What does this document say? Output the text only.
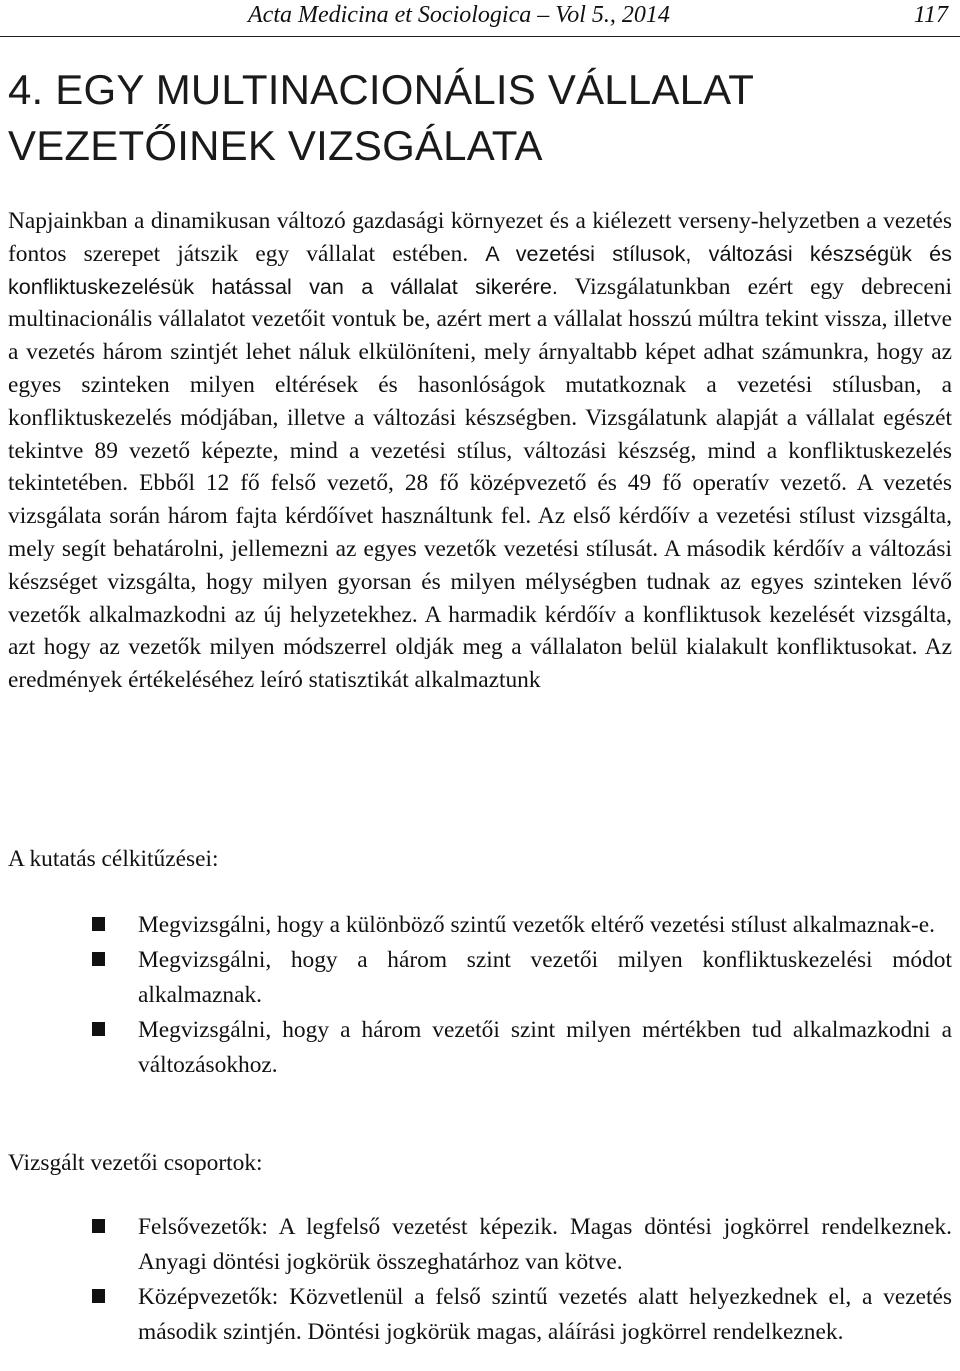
Acta Medicina et Sociologica – Vol 5., 2014	117
4. EGY MULTINACIONÁLIS VÁLLALAT VEZETŐINEK VIZSGÁLATA

Napjainkban a dinamikusan változó gazdasági környezet és a kiélezett verseny-helyzetben a vezetés fontos szerepet játszik egy vállalat estében. A vezetési stílusok, változási készségük és konfliktuskezelésük hatással van a vállalat sikerére. Vizsgálatunkban ezért egy debreceni multinacionális vállalatot vezetőit vontuk be, azért mert a vállalat hosszú múltra tekint vissza, illetve a vezetés három szintjét lehet náluk elkülöníteni, mely árnyaltabb képet adhat számunkra, hogy az egyes szinteken milyen eltérések és hasonlóságok mutatkoznak a vezetési stílusban, a konfliktuskezelés módjában, illetve a változási készségben. Vizsgálatunk alapját a vállalat egészét tekintve 89 vezető képezte, mind a vezetési stílus, változási készség, mind a konfliktuskezelés tekintetében. Ebből 12 fő felső vezető, 28 fő középvezető és 49 fő operatív vezető. A vezetés vizsgálata során három fajta kérdőívet használtunk fel. Az első kérdőív a vezetési stílust vizsgálta, mely segít behatárolni, jellemezni az egyes vezetők vezetési stílusát. A második kérdőív a változási készséget vizsgálta, hogy milyen gyorsan és milyen mélységben tudnak az egyes szinteken lévő vezetők alkalmazkodni az új helyzetekhez. A harmadik kérdőív a konfliktusok kezelését vizsgálta, azt hogy az vezetők milyen módszerrel oldják meg a vállalaton belül kialakult konfliktusokat. Az eredmények értékeléséhez leíró statisztikát alkalmaztunk

A kutatás célkitűzései:
Megvizsgálni, hogy a különböző szintű vezetők eltérő vezetési stílust alkalmaznak-e.
Megvizsgálni, hogy a három szint vezetői milyen konfliktuskezelési módot alkalmaznak.
Megvizsgálni, hogy a három vezetői szint milyen mértékben tud alkalmazkodni a változásokhoz.
Vizsgált vezetői csoportok:
Felsővezetők: A legfelső vezetést képezik. Magas döntési jogkörrel rendelkeznek. Anyagi döntési jogkörük összeghatárhoz van kötve.
Középvezetők: Közvetlenül a felső szintű vezetés alatt helyezkednek el, a vezetés második szintjén. Döntési jogkörük magas, aláírási jogkörrel rendelkeznek.
